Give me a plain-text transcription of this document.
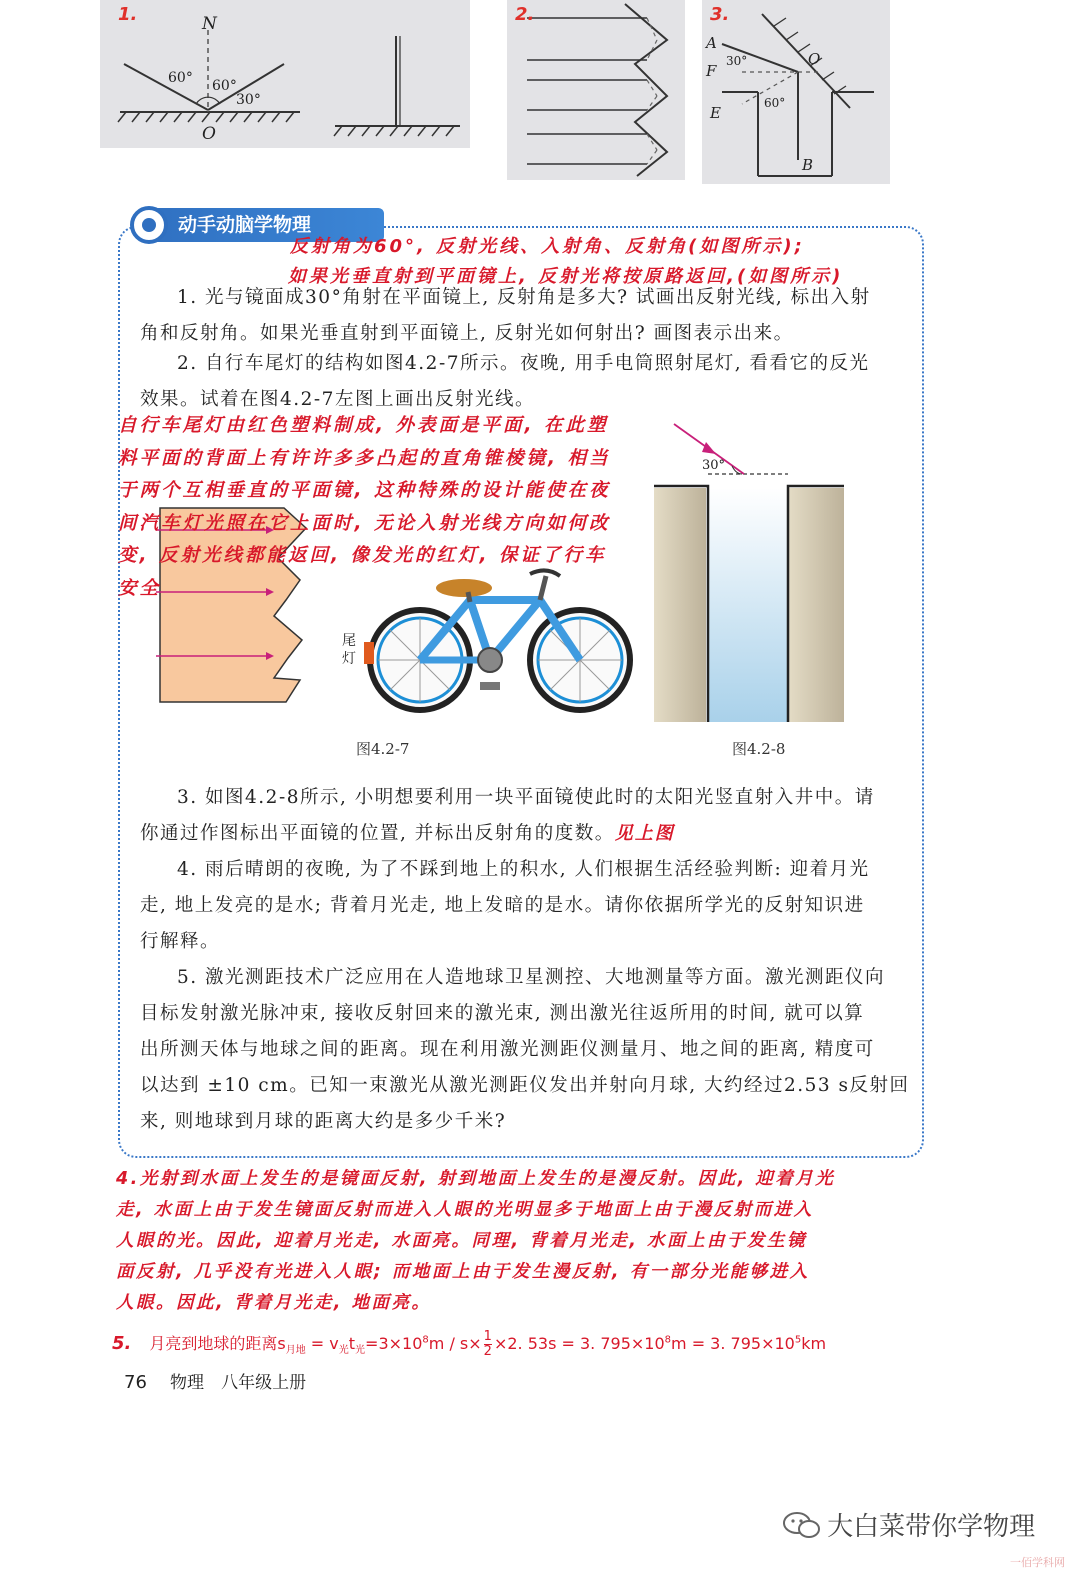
1.	N
O
60° 60°
30°
2.	3.
A
F
O
E
B
30°
60°
动手动脑学物理
反射角为60°, 反射光线、入射角、反射角(如图所示);
如果光垂直射到平面镜上, 反射光将按原路返回,(如图所示)

1. 光与镜面成30°角射在平面镜上, 反射角是多大? 试画出反射光线, 标出入射

角和反射角。如果光垂直射到平面镜上, 反射光如何射出? 画图表示出来。

2. 自行车尾灯的结构如图4.2-7所示。夜晚, 用手电筒照射尾灯, 看看它的反光

效果。试着在图4.2-7左图上画出反射光线。
自行车尾灯由红色塑料制成, 外表面是平面, 在此塑
料平面的背面上有许许多多凸起的直角锥棱镜, 相当
于两个互相垂直的平面镜, 这种特殊的设计能使在夜
间汽车灯光照在它上面时, 无论入射光线方向如何改
变, 反射光线都能返回, 像发光的红灯, 保证了行车
安全
尾
灯
图4.2-7
30°
图4.2-8

3. 如图4.2-8所示, 小明想要利用一块平面镜使此时的太阳光竖直射入井中。请

你通过作图标出平面镜的位置, 并标出反射角的度数。见上图

4. 雨后晴朗的夜晚, 为了不踩到地上的积水, 人们根据生活经验判断: 迎着月光

走, 地上发亮的是水; 背着月光走, 地上发暗的是水。请你依据所学光的反射知识进
行解释。

5. 激光测距技术广泛应用在人造地球卫星测控、大地测量等方面。激光测距仪向

目标发射激光脉冲束, 接收反射回来的激光束, 测出激光往返所用的时间, 就可以算
出所测天体与地球之间的距离。现在利用激光测距仪测量月、地之间的距离, 精度可
以达到 ±10 cm。已知一束激光从激光测距仪发出并射向月球, 大约经过2.53 s反射回
来, 则地球到月球的距离大约是多少千米?
4.光射到水面上发生的是镜面反射, 射到地面上发生的是漫反射。因此, 迎着月光
走, 水面上由于发生镜面反射而进入人眼的光明显多于地面上由于漫反射而进入
人眼的光。因此, 迎着月光走, 水面亮。同理, 背着月光走, 水面上由于发生镜
面反射, 几乎没有光进入人眼; 而地面上由于发生漫反射, 有一部分光能够进入
人眼。因此, 背着月光走, 地面亮。
5. 月亮到地球的距离$s_{月地} = v_光t_光=3\times 10^8m / s\times \frac{1}{2} \times 2$. 53s = 3. $795\times 10^8m = 3$. $795\times 10^5km$
76 物理 八年级上册
大白菜带你学物理
一佰学科网
